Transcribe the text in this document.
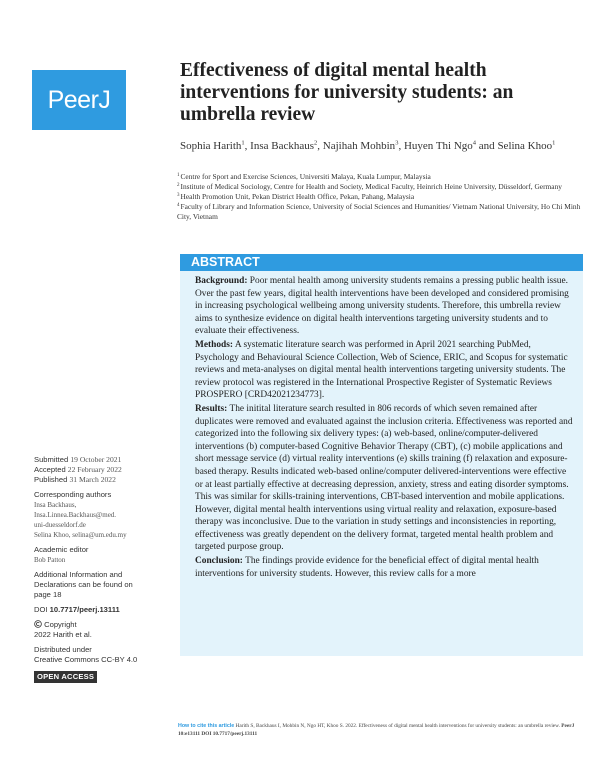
PeerJ
Effectiveness of digital mental health interventions for university students: an umbrella review

Sophia Harith$^1$, Insa Backhaus$^2$, Najihah Mohbin$^3$, Huyen Thi Ngo$^4$ and Selina Khoo$^1$

$^1$Centre for Sport and Exercise Sciences, Universiti Malaya, Kuala Lumpur, Malaysia
$^2$Institute of Medical Sociology, Centre for Health and Society, Medical Faculty, Heinrich Heine University, Düsseldorf, Germany
$^3$Health Promotion Unit, Pekan District Health Office, Pekan, Pahang, Malaysia
$^4$Faculty of Library and Information Science, University of Social Sciences and Humanities/ Vietnam National University, Ho Chi Minh City, Vietnam
ABSTRACT

Background: Poor mental health among university students remains a pressing public health issue. Over the past few years, digital health interventions have been developed and considered promising in increasing psychological wellbeing among university students. Therefore, this umbrella review aims to synthesize evidence on digital health interventions targeting university students and to evaluate their effectiveness.

Methods: A systematic literature search was performed in April 2021 searching PubMed, Psychology and Behavioural Science Collection, Web of Science, ERIC, and Scopus for systematic reviews and meta-analyses on digital mental health interventions targeting university students. The review protocol was registered in the International Prospective Register of Systematic Reviews PROSPERO [CRD42021234773].

Results: The initital literature search resulted in 806 records of which seven remained after duplicates were removed and evaluated against the inclusion criteria. Effectiveness was reported and categorized into the following six delivery types: (a) web-based, online/computer-delivered interventions (b) computer-based Cognitive Behavior Therapy (CBT), (c) mobile applications and short message service (d) virtual reality interventions (e) skills training (f) relaxation and exposure-based therapy. Results indicated web-based online/computer delivered-interventions were effective or at least partially effective at decreasing depression, anxiety, stress and eating disorder symptoms. This was similar for skills-training interventions, CBT-based intervention and mobile applications. However, digital mental health interventions using virtual reality and relaxation, exposure-based therapy was inconclusive. Due to the variation in study settings and inconsistencies in reporting, effectiveness was greatly dependent on the delivery format, targeted mental health problem and targeted purpose group.

Conclusion: The findings provide evidence for the beneficial effect of digital mental health interventions for university students. However, this review calls for a more

Submitted 19 October 2021
Accepted 22 February 2022
Published 31 March 2022
Corresponding authors
Insa Backhaus,
Insa.Linnea.Backhaus@med.
uni-duesseldorf.de
Selina Khoo, selina@um.edu.my
Academic editor
Bob Patton
Additional Information and
Declarations can be found on
page 18
DOI 10.7717/peerj.13111
Copyright
2022 Harith et al.
Distributed under
Creative Commons CC-BY 4.0
OPEN ACCESS
How to cite this article Harith S, Backhaus I, Mohbin N, Ngo HT, Khoo S. 2022. Effectiveness of digital mental health interventions for university students: an umbrella review. PeerJ 10:e13111 DOI 10.7717/peerj.13111
